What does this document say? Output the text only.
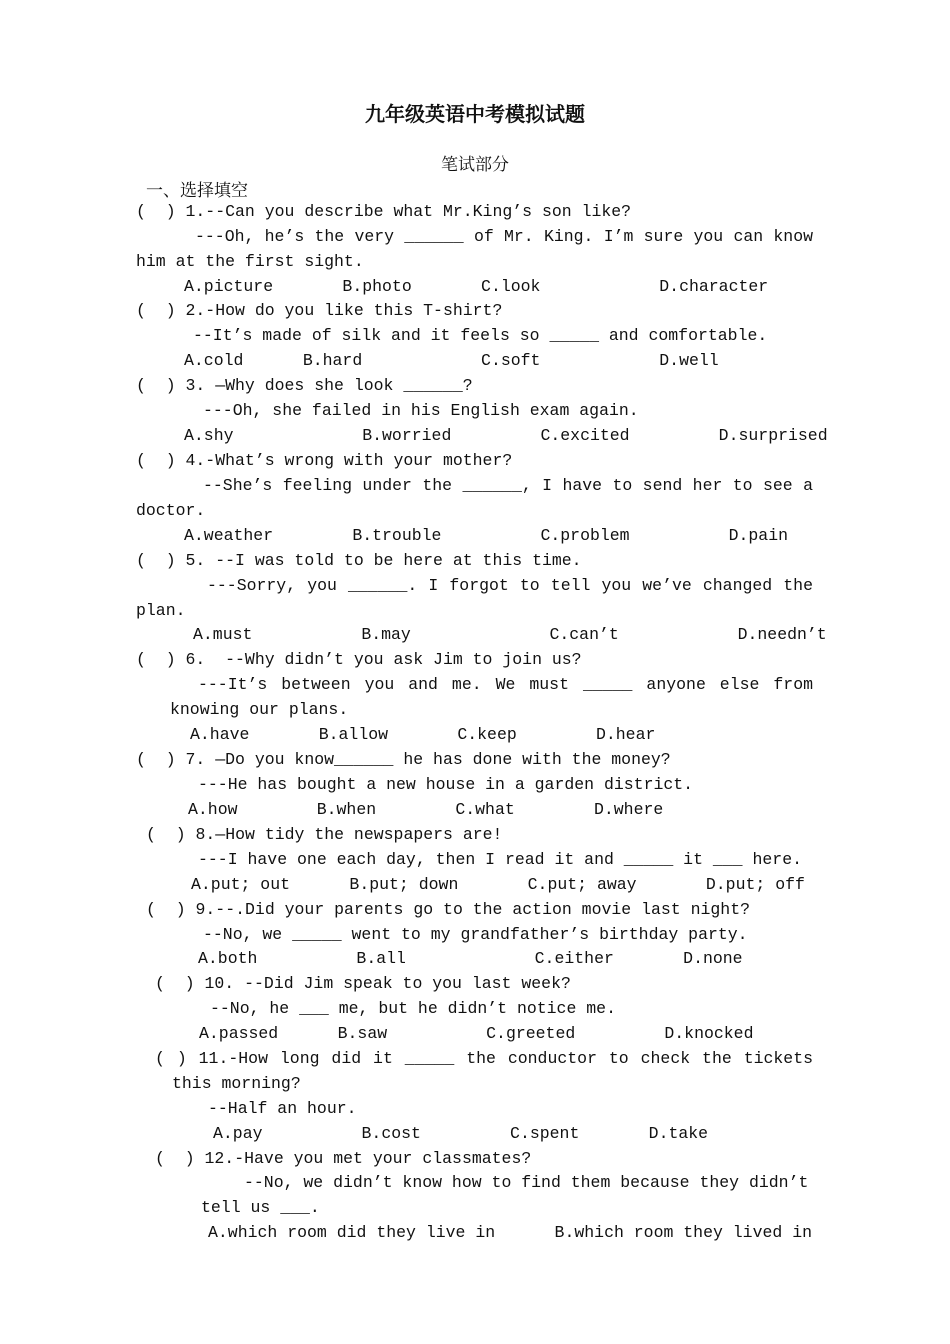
九年级英语中考模拟试题
笔试部分
一、选择填空
(  ) 1.--Can you describe what Mr.King’s son like?
---Oh, he’s the very ______ of Mr. King. I’m sure you can know
him at the first sight.
A.picture       B.photo       C.look            D.character
(  ) 2.-How do you like this T-shirt?
--It’s made of silk and it feels so _____ and comfortable.
A.cold      B.hard            C.soft            D.well
(  ) 3. —Why does she look ______?
---Oh, she failed in his English exam again.
A.shy             B.worried         C.excited         D.surprised
(  ) 4.-What’s wrong with your mother?
--She’s feeling under the ______, I have to send her to see a
doctor.
A.weather        B.trouble          C.problem          D.pain
(  ) 5. --I was told to be here at this time.
---Sorry, you ______. I forgot to tell you we’ve changed the
plan.
A.must           B.may              C.can’t            D.needn’t
(  ) 6.  --Why didn’t you ask Jim to join us?
---It’s between you and me. We must _____ anyone else from
knowing our plans.
A.have       B.allow       C.keep        D.hear
(  ) 7. —Do you know______ he has done with the money?
---He has bought a new house in a garden district.
A.how        B.when        C.what        D.where
(  ) 8.—How tidy the newspapers are!
---I have one each day, then I read it and _____ it ___ here.
A.put; out      B.put; down       C.put; away       D.put; off
(  ) 9.--.Did your parents go to the action movie last night?
--No, we _____ went to my grandfather’s birthday party.
A.both          B.all             C.either       D.none
(  ) 10. --Did Jim speak to you last week?
--No, he ___ me, but he didn’t notice me.
A.passed      B.saw          C.greeted         D.knocked
( ) 11.-How long did it _____ the conductor to check the tickets
this morning?
--Half an hour.
A.pay          B.cost         C.spent       D.take
(  ) 12.-Have you met your classmates?
--No, we didn’t know how to find them because they didn’t
tell us ___.
A.which room did they live in      B.which room they lived in
